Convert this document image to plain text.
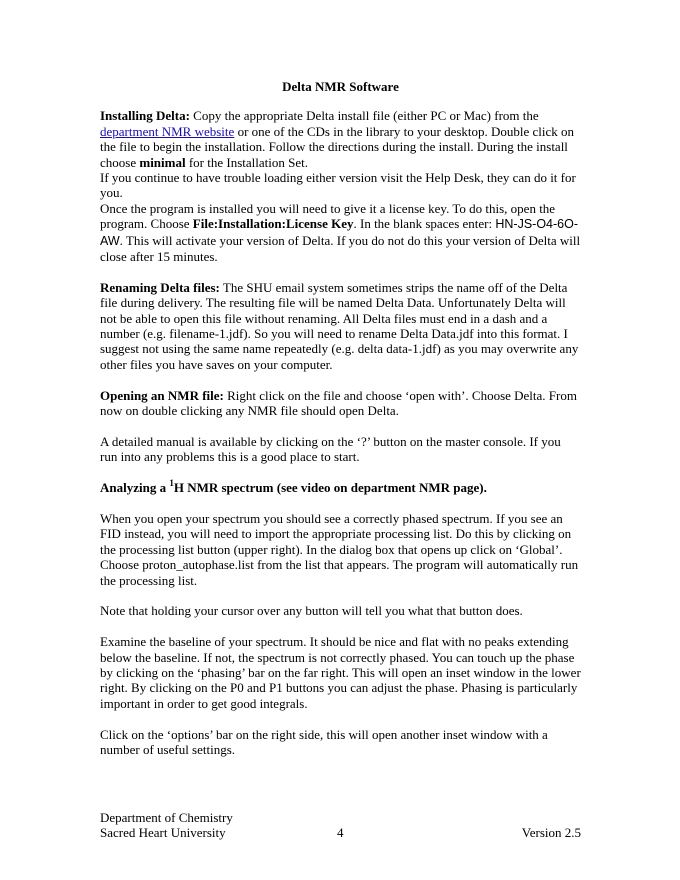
Delta NMR Software

Installing Delta: Copy the appropriate Delta install file (either PC or Mac) from the department NMR website or one of the CDs in the library to your desktop. Double click on the file to begin the installation. Follow the directions during the install. During the install choose minimal for the Installation Set.

If you continue to have trouble loading either version visit the Help Desk, they can do it for you.

Once the program is installed you will need to give it a license key. To do this, open the program. Choose File:Installation:License Key. In the blank spaces enter: HN-JS-O4-6O-AW. This will activate your version of Delta. If you do not do this your version of Delta will close after 15 minutes.

Renaming Delta files: The SHU email system sometimes strips the name off of the Delta file during delivery. The resulting file will be named Delta Data. Unfortunately Delta will not be able to open this file without renaming. All Delta files must end in a dash and a number (e.g. filename-1.jdf). So you will need to rename Delta Data.jdf into this format. I suggest not using the same name repeatedly (e.g. delta data-1.jdf) as you may overwrite any other files you have saves on your computer.

Opening an NMR file: Right click on the file and choose ‘open with’. Choose Delta. From now on double clicking any NMR file should open Delta.

A detailed manual is available by clicking on the ‘?’ button on the master console. If you run into any problems this is a good place to start.

Analyzing a $^1$H NMR spectrum (see video on department NMR page).

When you open your spectrum you should see a correctly phased spectrum. If you see an FID instead, you will need to import the appropriate processing list. Do this by clicking on the processing list button (upper right). In the dialog box that opens up click on ‘Global’. Choose proton_autophase.list from the list that appears. The program will automatically run the processing list.

Note that holding your cursor over any button will tell you what that button does.

Examine the baseline of your spectrum. It should be nice and flat with no peaks extending below the baseline. If not, the spectrum is not correctly phased. You can touch up the phase by clicking on the ‘phasing’ bar on the far right. This will open an inset window in the lower right. By clicking on the P0 and P1 buttons you can adjust the phase. Phasing is particularly important in order to get good integrals.

Click on the ‘options’ bar on the right side, this will open another inset window with a number of useful settings.

Department of Chemistry
Sacred Heart University	4	Version 2.5
